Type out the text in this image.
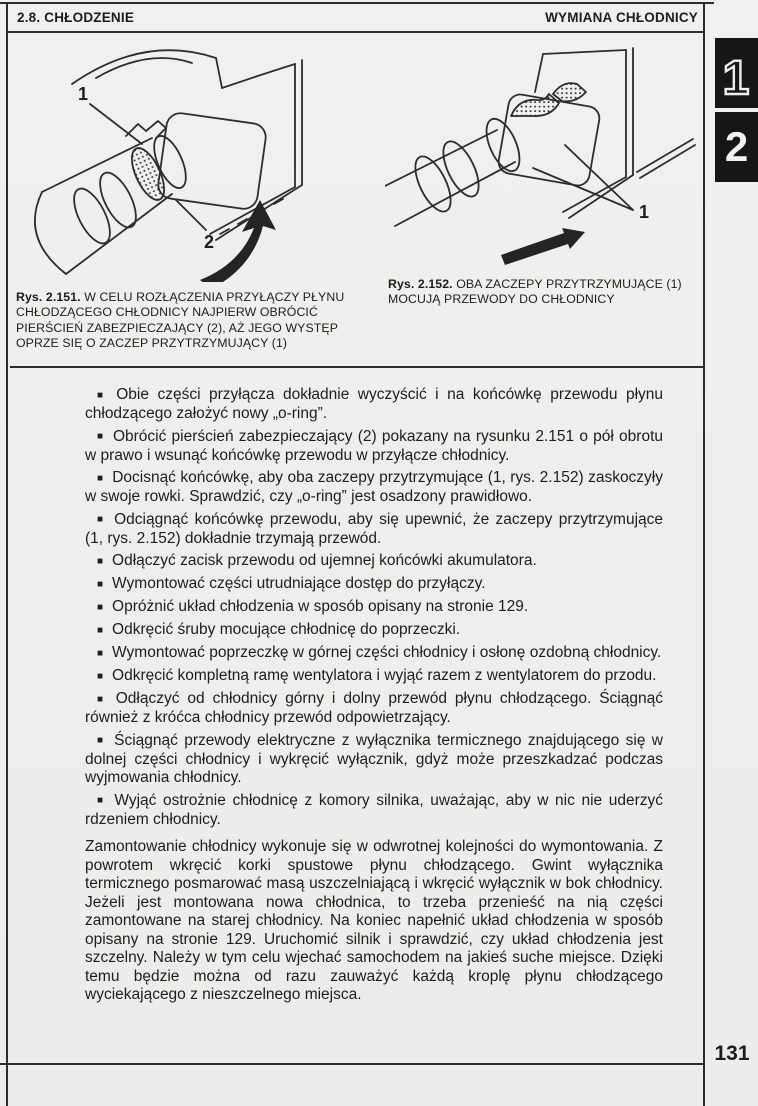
2.8. CHŁODZENIE	WYMIANA CHŁODNICY
1
2
1
2
1
Rys. 2.151. W CELU ROZŁĄCZENIA PRZYŁĄCZY PŁYNU CHŁODZĄCEGO CHŁODNICY NAJPIERW OBRÓCIĆ PIERŚCIEŃ ZABEZPIECZAJĄCY (2), AŻ JEGO WYSTĘP OPRZE SIĘ O ZACZEP PRZYTRZYMUJĄCY (1)
Rys. 2.152. OBA ZACZEPY PRZYTRZYMUJĄCE (1) MOCUJĄ PRZEWODY DO CHŁODNICY

■ Obie części przyłącza dokładnie wyczyścić i na końcówkę przewodu płynu chłodzącego założyć nowy „o-ring”.

■ Obrócić pierścień zabezpieczający (2) pokazany na rysunku 2.151 o pół obrotu w prawo i wsunąć końcówkę przewodu w przyłącze chłodnicy.

■ Docisnąć końcówkę, aby oba zaczepy przytrzymujące (1, rys. 2.152) zaskoczyły w swoje rowki. Sprawdzić, czy „o-ring” jest osadzony prawidłowo.

■ Odciągnąć końcówkę przewodu, aby się upewnić, że zaczepy przytrzymujące (1, rys. 2.152) dokładnie trzymają przewód.

■ Odłączyć zacisk przewodu od ujemnej końcówki akumulatora.

■ Wymontować części utrudniające dostęp do przyłączy.

■ Opróżnić układ chłodzenia w sposób opisany na stronie 129.

■ Odkręcić śruby mocujące chłodnicę do poprzeczki.

■ Wymontować poprzeczkę w górnej części chłodnicy i osłonę ozdobną chłodnicy.

■ Odkręcić kompletną ramę wentylatora i wyjąć razem z wentylatorem do przodu.

■ Odłączyć od chłodnicy górny i dolny przewód płynu chłodzącego. Ściągnąć również z króćca chłodnicy przewód odpowietrzający.

■ Ściągnąć przewody elektryczne z wyłącznika termicznego znajdującego się w dolnej części chłodnicy i wykręcić wyłącznik, gdyż może przeszkadzać podczas wyjmowania chłodnicy.

■ Wyjąć ostrożnie chłodnicę z komory silnika, uważając, aby w nic nie uderzyć rdzeniem chłodnicy.

Zamontowanie chłodnicy wykonuje się w odwrotnej kolejności do wymontowania. Z powrotem wkręcić korki spustowe płynu chłodzącego. Gwint wyłącznika termicznego posmarować masą uszczelniającą i wkręcić wyłącznik w bok chłodnicy. Jeżeli jest montowana nowa chłodnica, to trzeba przenieść na nią części zamontowane na starej chłodnicy. Na koniec napełnić układ chłodzenia w sposób opisany na stronie 129. Uruchomić silnik i sprawdzić, czy układ chłodzenia jest szczelny. Należy w tym celu wjechać samochodem na jakieś suche miejsce. Dzięki temu będzie można od razu zauważyć każdą kroplę płynu chłodzącego wyciekającego z nieszczelnego miejsca.

131
